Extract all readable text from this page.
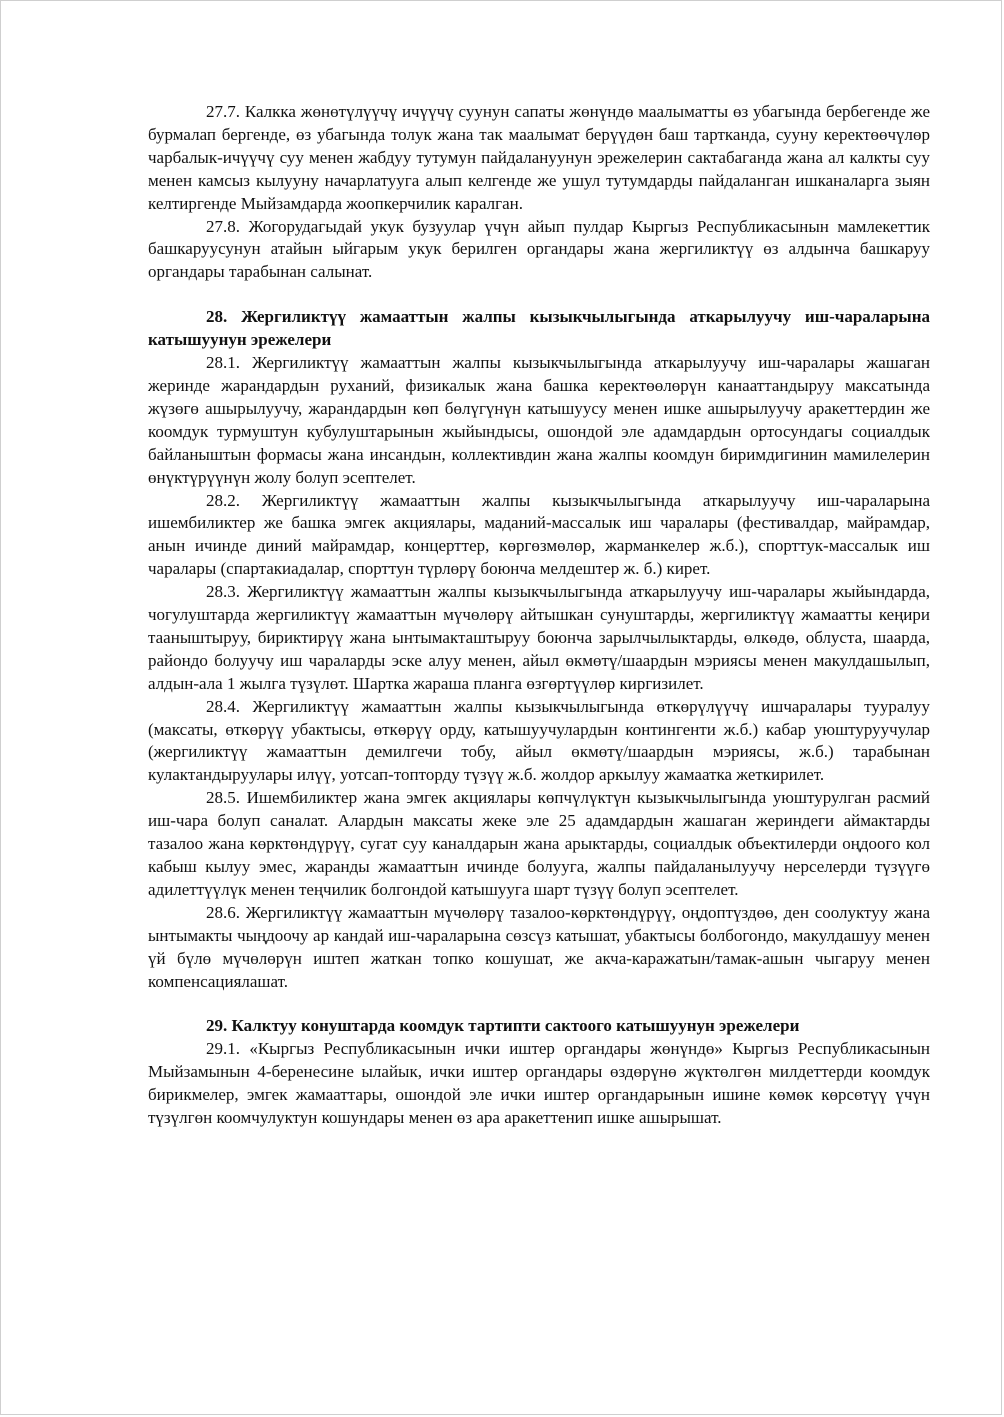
27.7. Калкка жөнөтүлүүчү ичүүчү суунун сапаты жөнүндө маалыматты өз убагында бербегенде же бурмалап бергенде, өз убагында толук жана так маалымат берүүдөн баш тартканда, сууну керектөөчүлөр чарбалык-ичүүчү суу менен жабдуу тутумун пайдалануунун эрежелерин сактабаганда жана ал калкты суу менен камсыз кылууну начарлатууга алып келгенде же ушул тутумдарды пайдаланган ишканаларга зыян келтиргенде Мыйзамдарда жоопкерчилик каралган.

27.8. Жогорудагыдай укук бузуулар үчүн айып пулдар Кыргыз Республикасынын мамлекеттик башкаруусунун атайын ыйгарым укук берилген органдары жана жергиликтүү өз алдынча башкаруу органдары тарабынан салынат.

28. Жергиликтүү жамааттын жалпы кызыкчылыгында аткарылуучу иш-чараларына катышуунун эрежелери

28.1. Жергиликтүү жамааттын жалпы кызыкчылыгында аткарылуучу иш-чаралары жашаган жеринде жарандардын руханий, физикалык жана башка керектөөлөрүн канааттандыруу максатында жүзөгө ашырылуучу, жарандардын көп бөлүгүнүн катышуусу менен ишке ашырылуучу аракеттердин же коомдук турмуштун кубулуштарынын жыйындысы, ошондой эле адамдардын ортосундагы социалдык байланыштын формасы жана инсандын, коллективдин жана жалпы коомдун биримдигинин мамилелерин өнүктүрүүнүн жолу болуп эсептелет.

28.2. Жергиликтүү жамааттын жалпы кызыкчылыгында аткарылуучу иш-чараларына ишембиликтер же башка эмгек акциялары, маданий-массалык иш чаралары (фестивалдар, майрамдар, анын ичинде диний майрамдар, концерттер, көргөзмөлөр, жарманкелер ж.б.), спорттук-массалык иш чаралары (спартакиадалар, спорттун түрлөрү боюнча мелдештер ж. б.) кирет.

28.3. Жергиликтүү жамааттын жалпы кызыкчылыгында аткарылуучу иш-чаралары жыйындарда, чогулуштарда жергиликтүү жамааттын мүчөлөрү айтышкан сунуштарды, жергиликтүү жамаатты кеңири тааныштыруу, бириктирүү жана ынтымакташтыруу боюнча зарылчылыктарды, өлкөдө, облуста, шаарда, райондо болуучу иш чараларды эске алуу менен, айыл өкмөтү/шаардын мэриясы менен макулдашылып, алдын-ала 1 жылга түзүлөт. Шартка жараша планга өзгөртүүлөр киргизилет.

28.4. Жергиликтүү жамааттын жалпы кызыкчылыгында өткөрүлүүчү ишчаралары тууралуу (максаты, өткөрүү убактысы, өткөрүү орду, катышуучулардын контингенти ж.б.) кабар уюштуруучулар (жергиликтүү жамааттын демилгечи тобу, айыл өкмөтү/шаардын мэриясы, ж.б.) тарабынан кулактандыруулары илүү, уотсап-топторду түзүү ж.б. жолдор аркылуу жамаатка жеткирилет.

28.5. Ишембиликтер жана эмгек акциялары көпчүлүктүн кызыкчылыгында уюштурулган расмий иш-чара болуп саналат. Алардын максаты жеке эле 25 адамдардын жашаган жериндеги аймактарды тазалоо жана көрктөндүрүү, сугат суу каналдарын жана арыктарды, социалдык объектилерди оңдоого кол кабыш кылуу эмес, жаранды жамааттын ичинде болууга, жалпы пайдаланылуучу нерселерди түзүүгө адилеттүүлүк менен теңчилик болгондой катышууга шарт түзүү болуп эсептелет.

28.6. Жергиликтүү жамааттын мүчөлөрү тазалоо-көрктөндүрүү, оңдоптүздөө, ден соолуктуу жана ынтымакты чыңдоочу ар кандай иш-чараларына сөзсүз катышат, убактысы болбогондо, макулдашуу менен үй бүлө мүчөлөрүн иштеп жаткан топко кошушат, же акча-каражатын/тамак-ашын чыгаруу менен компенсациялашат.

29. Калктуу конуштарда коомдук тартипти сактоого катышуунун эрежелери

29.1. «Кыргыз Республикасынын ички иштер органдары жөнүндө» Кыргыз Республикасынын Мыйзамынын 4-беренесине ылайык, ички иштер органдары өздөрүнө жүктөлгөн милдеттерди коомдук бирикмелер, эмгек жамааттары, ошондой эле ички иштер органдарынын ишине көмөк көрсөтүү үчүн түзүлгөн коомчулуктун кошундары менен өз ара аракеттенип ишке ашырышат.
